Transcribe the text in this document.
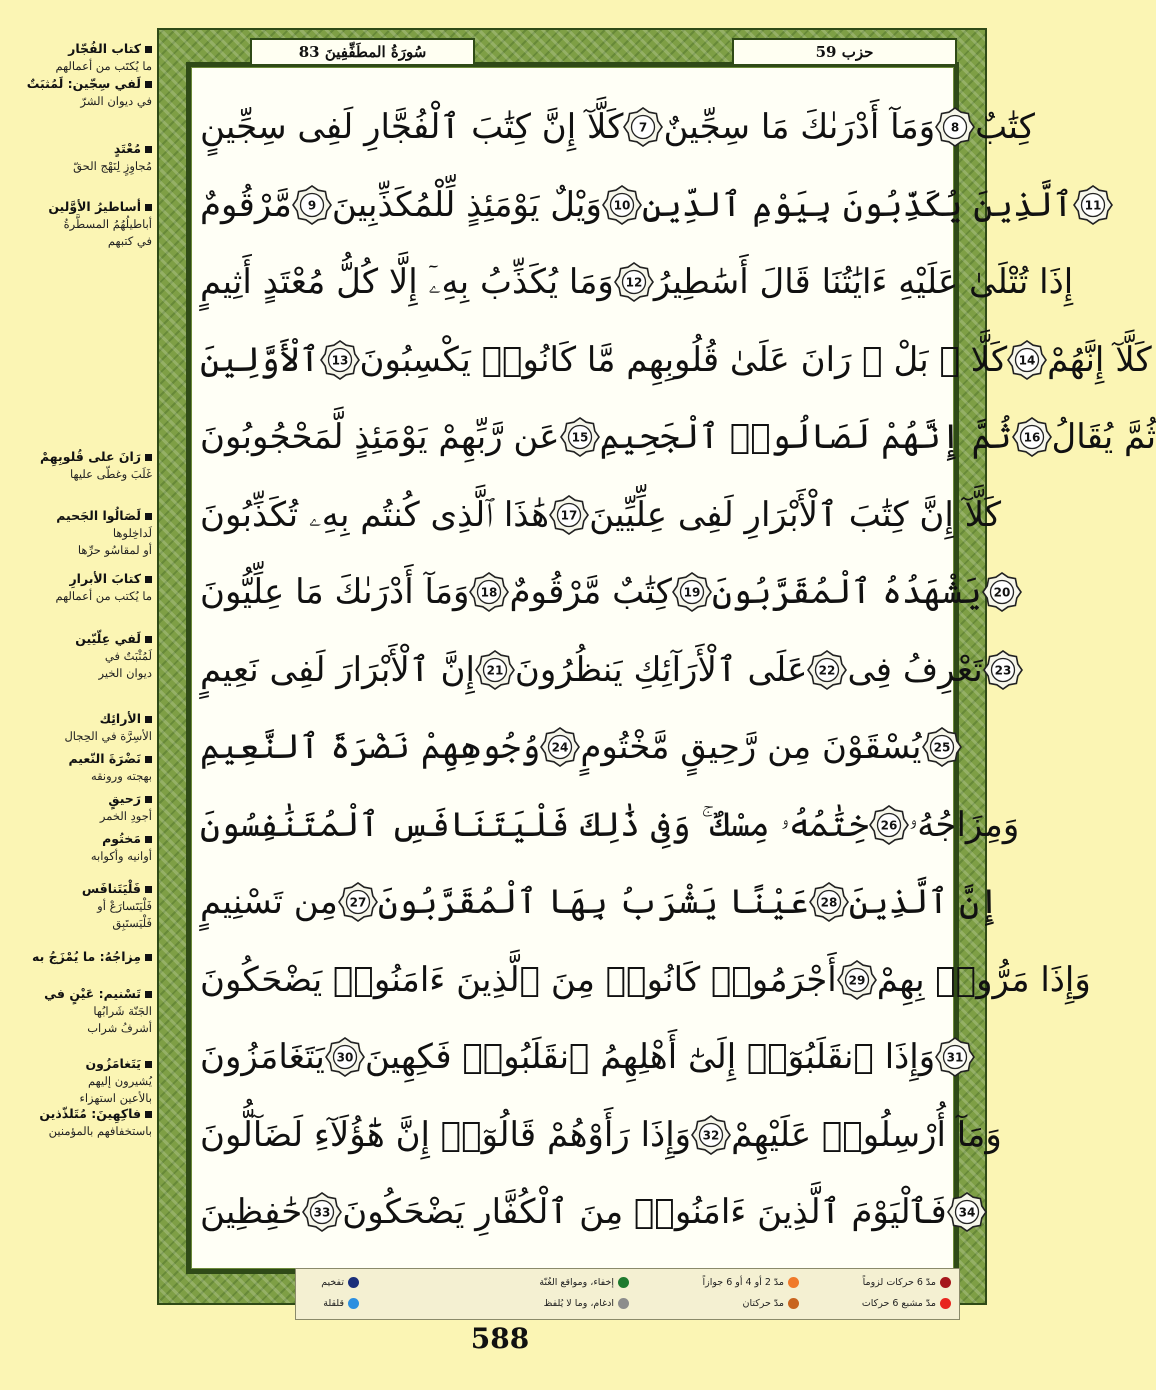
سُورَةُ المطَفِّفِينَ 83	حزب 59
كَلَّآ إِنَّ كِتَٰبَ ٱلْفُجَّارِ لَفِى سِجِّينٍ 7 وَمَآ أَدْرَىٰكَ مَا سِجِّينٌ 8 كِتَٰبٌ
مَّرْقُومٌ 9 وَيْلٌ يَوْمَئِذٍ لِّلْمُكَذِّبِينَ 10 ٱلَّذِينَ يُكَذِّبُونَ بِيَوْمِ ٱلدِّينِ 11
وَمَا يُكَذِّبُ بِهِۦٓ إِلَّا كُلُّ مُعْتَدٍ أَثِيمٍ 12 إِذَا تُتْلَىٰ عَلَيْهِ ءَايَٰتُنَا قَالَ أَسَٰطِيرُ
ٱلْأَوَّلِينَ 13 كَلَّا ۖ بَلْ ۜ رَانَ عَلَىٰ قُلُوبِهِم مَّا كَانُوا۟ يَكْسِبُونَ 14 كَلَّآ إِنَّهُمْ
عَن رَّبِّهِمْ يَوْمَئِذٍ لَّمَحْجُوبُونَ 15 ثُمَّ إِنَّهُمْ لَصَالُوا۟ ٱلْجَحِيمِ 16 ثُمَّ يُقَالُ
هَٰذَا ٱلَّذِى كُنتُم بِهِۦ تُكَذِّبُونَ 17 كَلَّآ إِنَّ كِتَٰبَ ٱلْأَبْرَارِ لَفِى عِلِّيِّينَ
وَمَآ أَدْرَىٰكَ مَا عِلِّيُّونَ 18 كِتَٰبٌ مَّرْقُومٌ 19 يَشْهَدُهُ ٱلْمُقَرَّبُونَ 20
إِنَّ ٱلْأَبْرَارَ لَفِى نَعِيمٍ 21 عَلَى ٱلْأَرَآئِكِ يَنظُرُونَ 22 تَعْرِفُ فِى 23
وُجُوهِهِمْ نَضْرَةَ ٱلنَّعِيمِ 24 يُسْقَوْنَ مِن رَّحِيقٍ مَّخْتُومٍ 25
خِتَٰمُهُۥ مِسْكٌ ۚ وَفِى ذَٰلِكَ فَلْيَتَنَافَسِ ٱلْمُتَنَٰفِسُونَ 26 وَمِزَاجُهُۥ
مِن تَسْنِيمٍ 27 عَيْنًا يَشْرَبُ بِهَا ٱلْمُقَرَّبُونَ 28 إِنَّ ٱلَّذِينَ
أَجْرَمُوا۟ كَانُوا۟ مِنَ ٱلَّذِينَ ءَامَنُوا۟ يَضْحَكُونَ 29 وَإِذَا مَرُّوا۟ بِهِمْ
يَتَغَامَزُونَ 30 وَإِذَا ٱنقَلَبُوٓا۟ إِلَىٰٓ أَهْلِهِمُ ٱنقَلَبُوا۟ فَكِهِينَ 31
وَإِذَا رَأَوْهُمْ قَالُوٓا۟ إِنَّ هَٰٓؤُلَآءِ لَضَآلُّونَ 32 وَمَآ أُرْسِلُوا۟ عَلَيْهِمْ
حَٰفِظِينَ 33 فَٱلْيَوْمَ ٱلَّذِينَ ءَامَنُوا۟ مِنَ ٱلْكُفَّارِ يَضْحَكُونَ 34
كتاب الفُجّار
ما يُكتَب من أعمالهم
لَفي سِجّين: لَمُثبَتٌ
في ديوان الشرّ
مُعْتَدٍ
مُجاوِزٍ لِنَهْج الحقّ
أساطيرُ الأوَّلين
أباطيلُهُمُ المسطَّرةُ
في كتبهم
رَانَ على قُلوبِهِمْ
غَلَبَ وغطّى عليها
لَصَالُوا الجَحيم
لَداخِلوها
أو لمقاسُو حرِّها
كتابَ الأبرارِ
ما يُكتب من أعمالهم
لَفي عِلّيّين
لَمُثْبَتٌ في
ديوان الخير
الأرائِك
الأسِرَّة في الحِجال
نَضْرَةَ النّعيم
بهجته ورونقه
رَحيقٍ
أجودِ الخمر
مَختُوم
أوانيه وأكوابه
فَلْيَتَنافَس
فَلْيَتَسارَعْ أو
فَلْيَستَبِق
مِزاجُهُ: ما يُمْزَجُ به
تَسْنيم: عَيْنٍ في
الجَنّة شَرابُها
أشرفُ شراب
يَتَغامَزُون
يُشيرون إليهم
بالأعين استهزاء
فاكِهِينَ: مُتَلذّذين
باستخفافهم بالمؤمنين
مدّ 6 حركات لزوماً
مدّ مشبع 6 حركات
مدّ 2 أو 4 أو 6 جوازاً
مدّ حركتان
إخفاء، ومواقع الغُنّة
ادغام، وما لا يُلفظ
تفخيم
قلقلة
588
